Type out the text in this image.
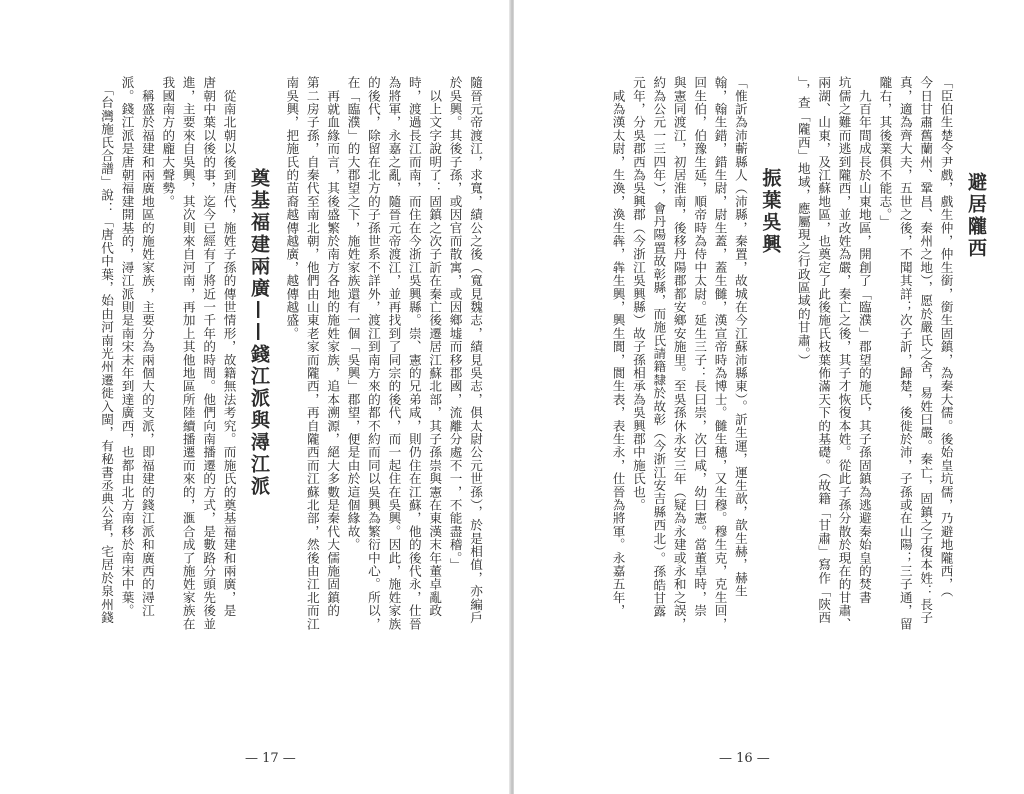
隨晉元帝渡江，求寬，績公之後（寬見魏志，績見吳志，俱太尉公元世孫），於是相值，亦編戶
於吳興。其後子孫，或因官而散寓，或因鄉墟而移郡國，流離分處不一，不能盡稽。」
　以上文字說明了：固鎮之次子訢在秦亡後遷居江蘇北部，其子孫崇與憲在東漢末年董卓亂政
時，渡過長江而南，而住在今浙江吳興縣。崇、憲的兄弟咸，則仍住在江蘇，他的後代永，仕晉
為將軍，永嘉之亂，隨晉元帝渡江，並再找到了同宗的後代，而一起住在吳興。因此，施姓家族
的後代，除留在北方的子孫世系不詳外，渡江到南方來的都不約而同以吳興為繁衍中心。所以，
在「臨濮」的大郡望之下，施姓家族還有一個「吳興」郡望，便是由於這個緣故。
　再就血緣而言，其後盛繁於南方各地的施姓家族，追本溯源，絕大多數是秦代大儒施固鎮的
第二房子孫，自秦代至南北朝，他們由山東老家而隴西，再自隴西而江蘇北部，然後由江北而江
南吳興，把施氏的苗裔越傳越廣，越傳越盛。
奠基福建兩廣——錢江派與潯江派
　從南北朝以後到唐代，施姓子孫的傳世情形，故籍無法考究。而施氏的奠基福建和兩廣，是
唐朝中葉以後的事，迄今已經有了將近一千年的時間。他們向南播遷的方式，是數路分頭先後並
進，主要來自吳興，其次則來自河南，再加上其他地區所陸續播遷而來的，滙合成了施姓家族在
我國南方的龐大聲勢。
　稱盛於福建和兩廣地區的施姓家族，主要分為兩個大的支派，即福建的錢江派和廣西的潯江
派。錢江派是唐朝福建開基的，潯江派則是南宋末年到達廣西，也都由北方南移於南宋中葉。
　「台灣施氏合譜」說：「唐代中葉，始由河南光州遷徙入閩，有秘書丞典公者，宅居於泉州錢
— 17 —
避居隴西
「臣伯生楚令尹戲，戲生仲，仲生銜，銜生固鎮，為秦大儒。後始皇坑儒，乃避地隴西，（
今日甘肅舊蘭州、鞏昌、秦州之地），愿於嚴氏之舍，易姓曰嚴。秦亡，固鎮之子復本姓：長子
真，適為齊大夫，五世之後，不聞其詳；次子訢，歸楚，後徙於沛，子孫或在山陽；三子通，留
隴右，其後業俱不能志。」
　九百年間成長於山東地區，開創了「臨濮」郡望的施氏，其子孫固鎮為逃避秦始皇的焚書
坑儒之難而逃到隴西，並改姓為嚴，秦亡之後，其子才恢復本姓。從此子孫分散於現在的甘肅、
兩湖、山東，及江蘇地區，也奠定了此後施氏枝葉佈滿天下的基礎。（故籍「甘肅」寫作「陝西
」，查「隴西」地域，應屬現之行政區域的甘肅。）
振葉吳興
「惟訢為沛蘄縣人（沛縣，秦置，故城在今江蘇沛縣東）。訢生運，運生歆，歆生赫，赫生
翰，翰生錯，錯生尉，尉生蓋，蓋生雠，漢宣帝時為博士。雠生穗，又生穆。穆生克，克生回，
回生伯，伯豫生延，順帝時為侍中太尉。延生三子：長曰崇，次曰咸，幼曰憲。當董卓時，崇
與憲同渡江，初居淮南，後移丹陽郡都安鄉安施里。至吳孫休永安三年（疑為永建或永和之誤，
約為公元一三四年），會丹陽置故彰縣，而施氏請籍隸於故彰（今浙江安吉縣西北）。孫皓甘露
元年，分吳郡西為吳興郡（今浙江吳興縣）故子孫相承為吳興郡中施氏也。
　咸為漢太尉，生渙，渙生犇，犇生興，興生閬，閬生表，表生永，仕晉為將軍。永嘉五年，
— 16 —
